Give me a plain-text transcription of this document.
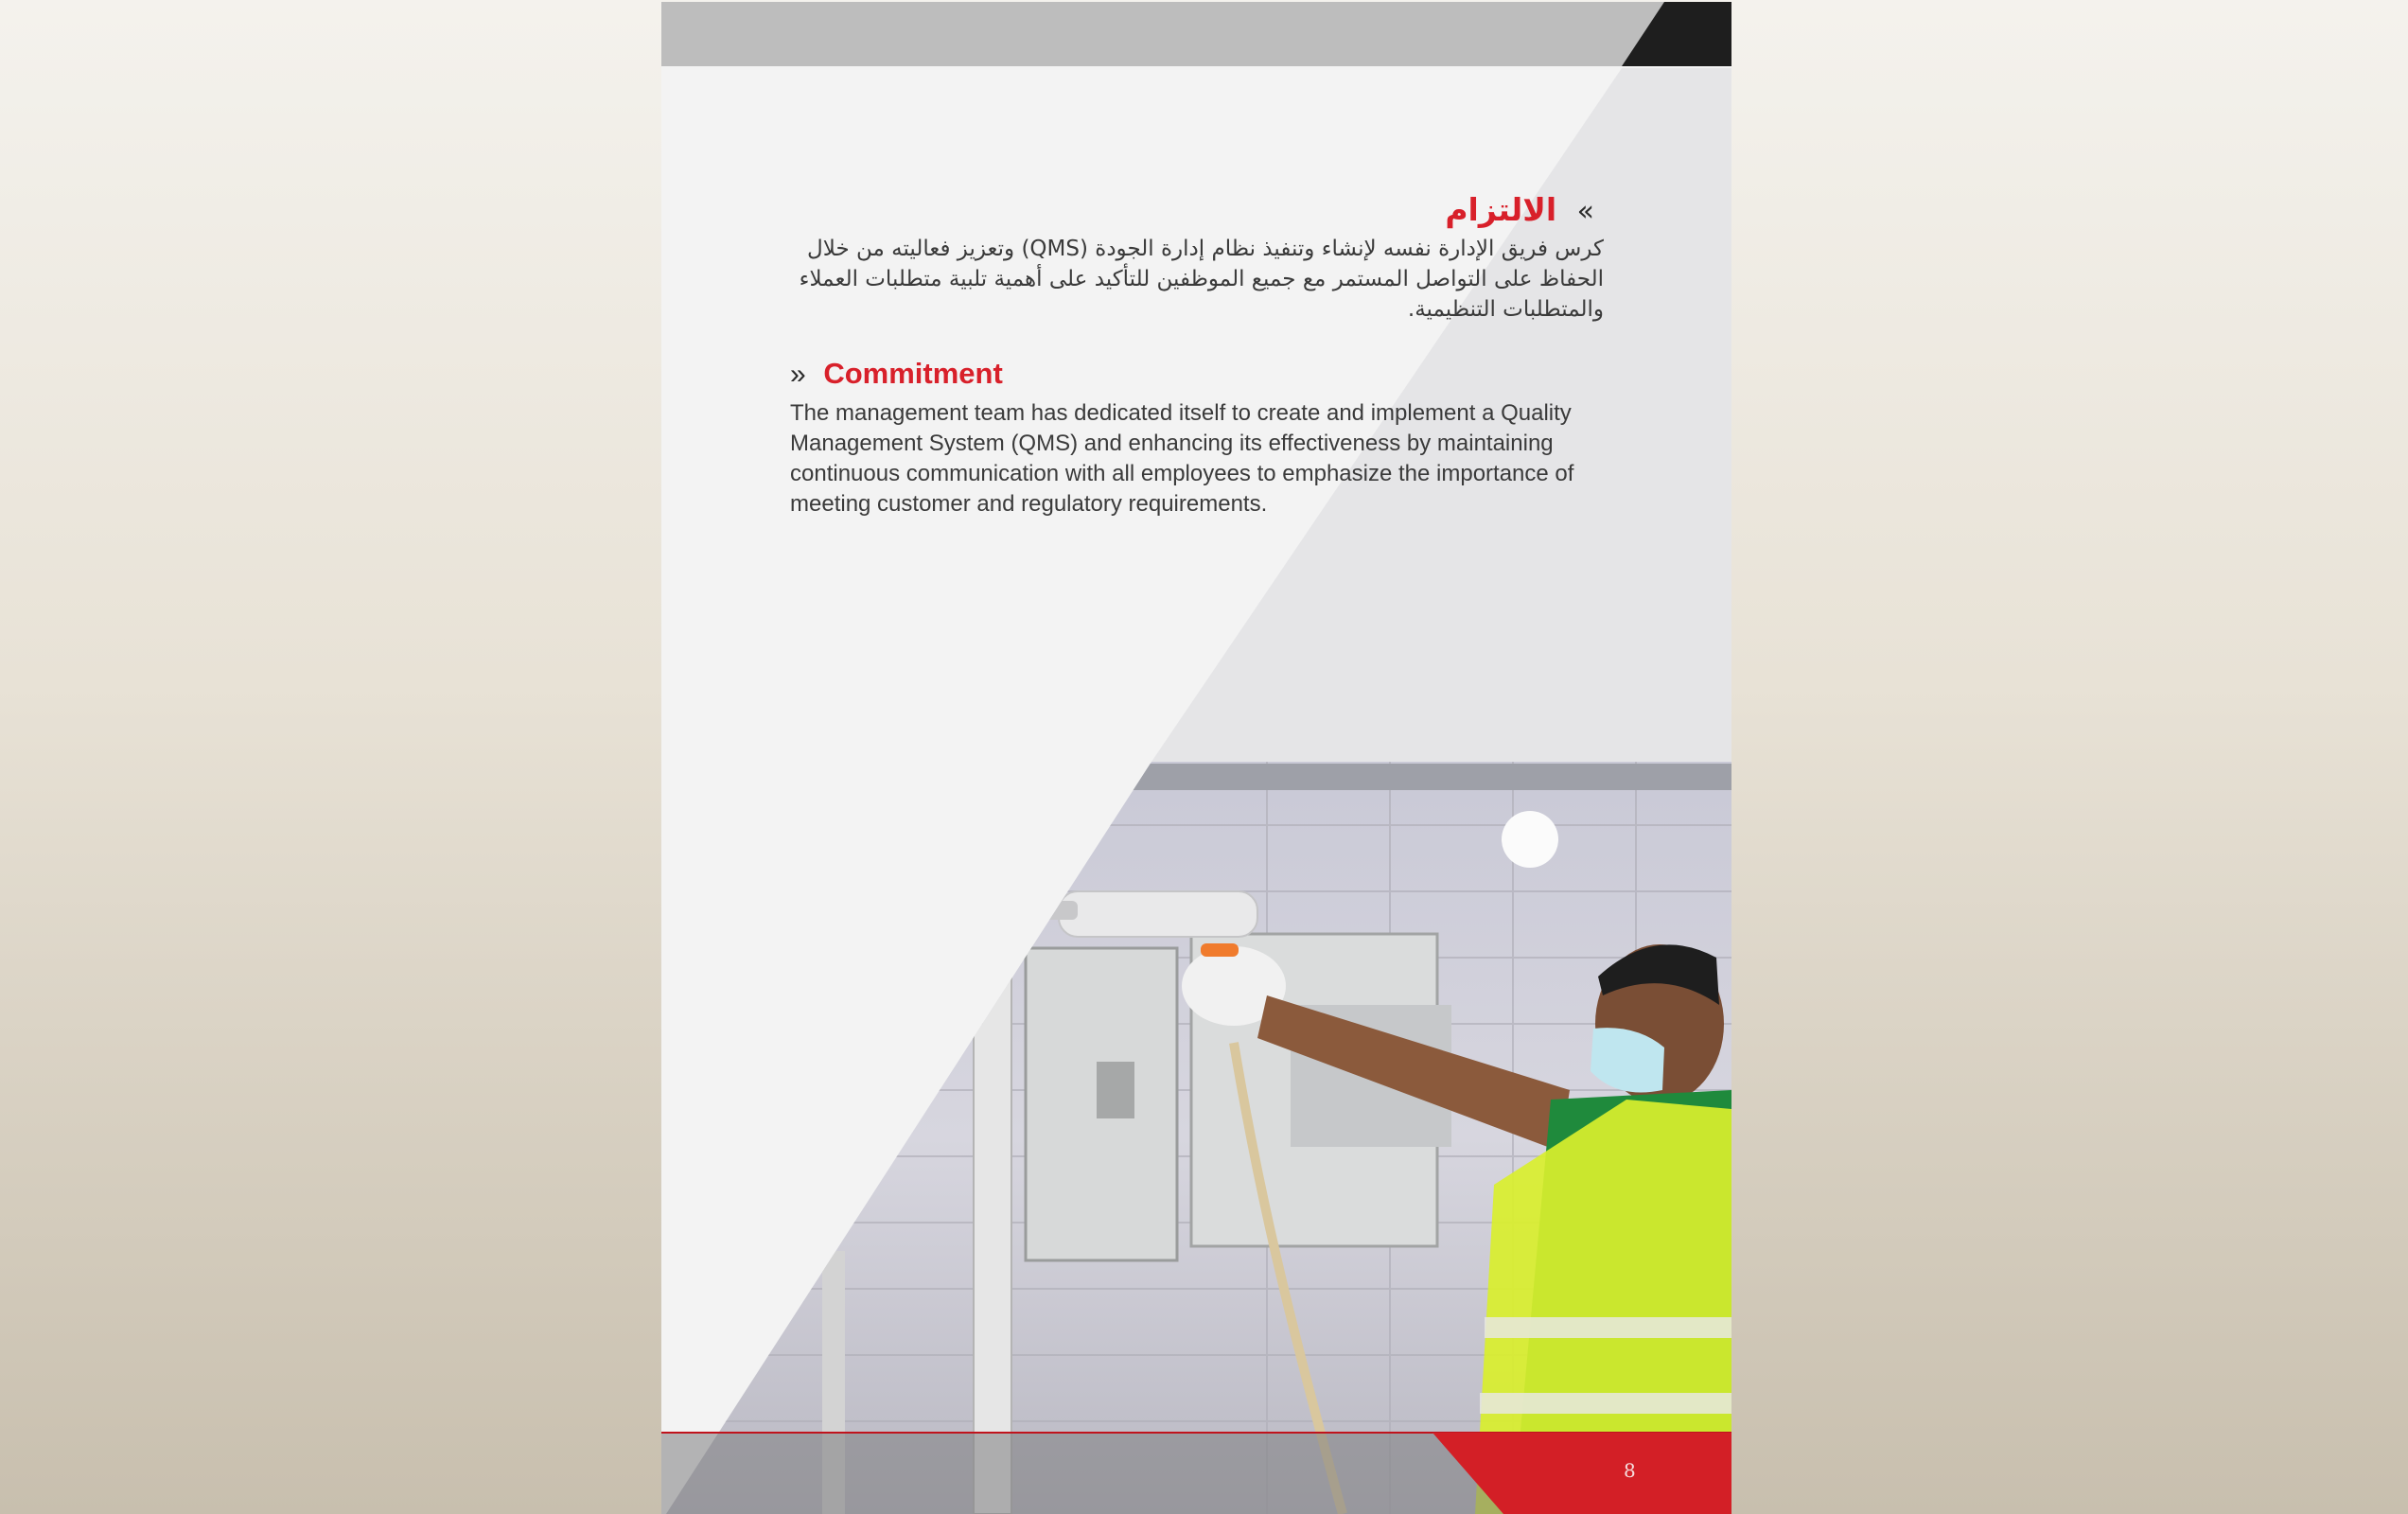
» الالتزام

كرس فريق الإدارة نفسه لإنشاء وتنفيذ نظام إدارة الجودة (QMS) وتعزيز فعاليته من خلال الحفاظ على التواصل المستمر مع جميع الموظفين للتأكيد على أهمية تلبية متطلبات العملاء والمتطلبات التنظيمية.

» Commitment

The management team has dedicated itself to create and implement a Quality Management System (QMS) and enhancing its effectiveness by maintaining continuous communication with all employees to emphasize the importance of meeting customer and regulatory requirements.

8
